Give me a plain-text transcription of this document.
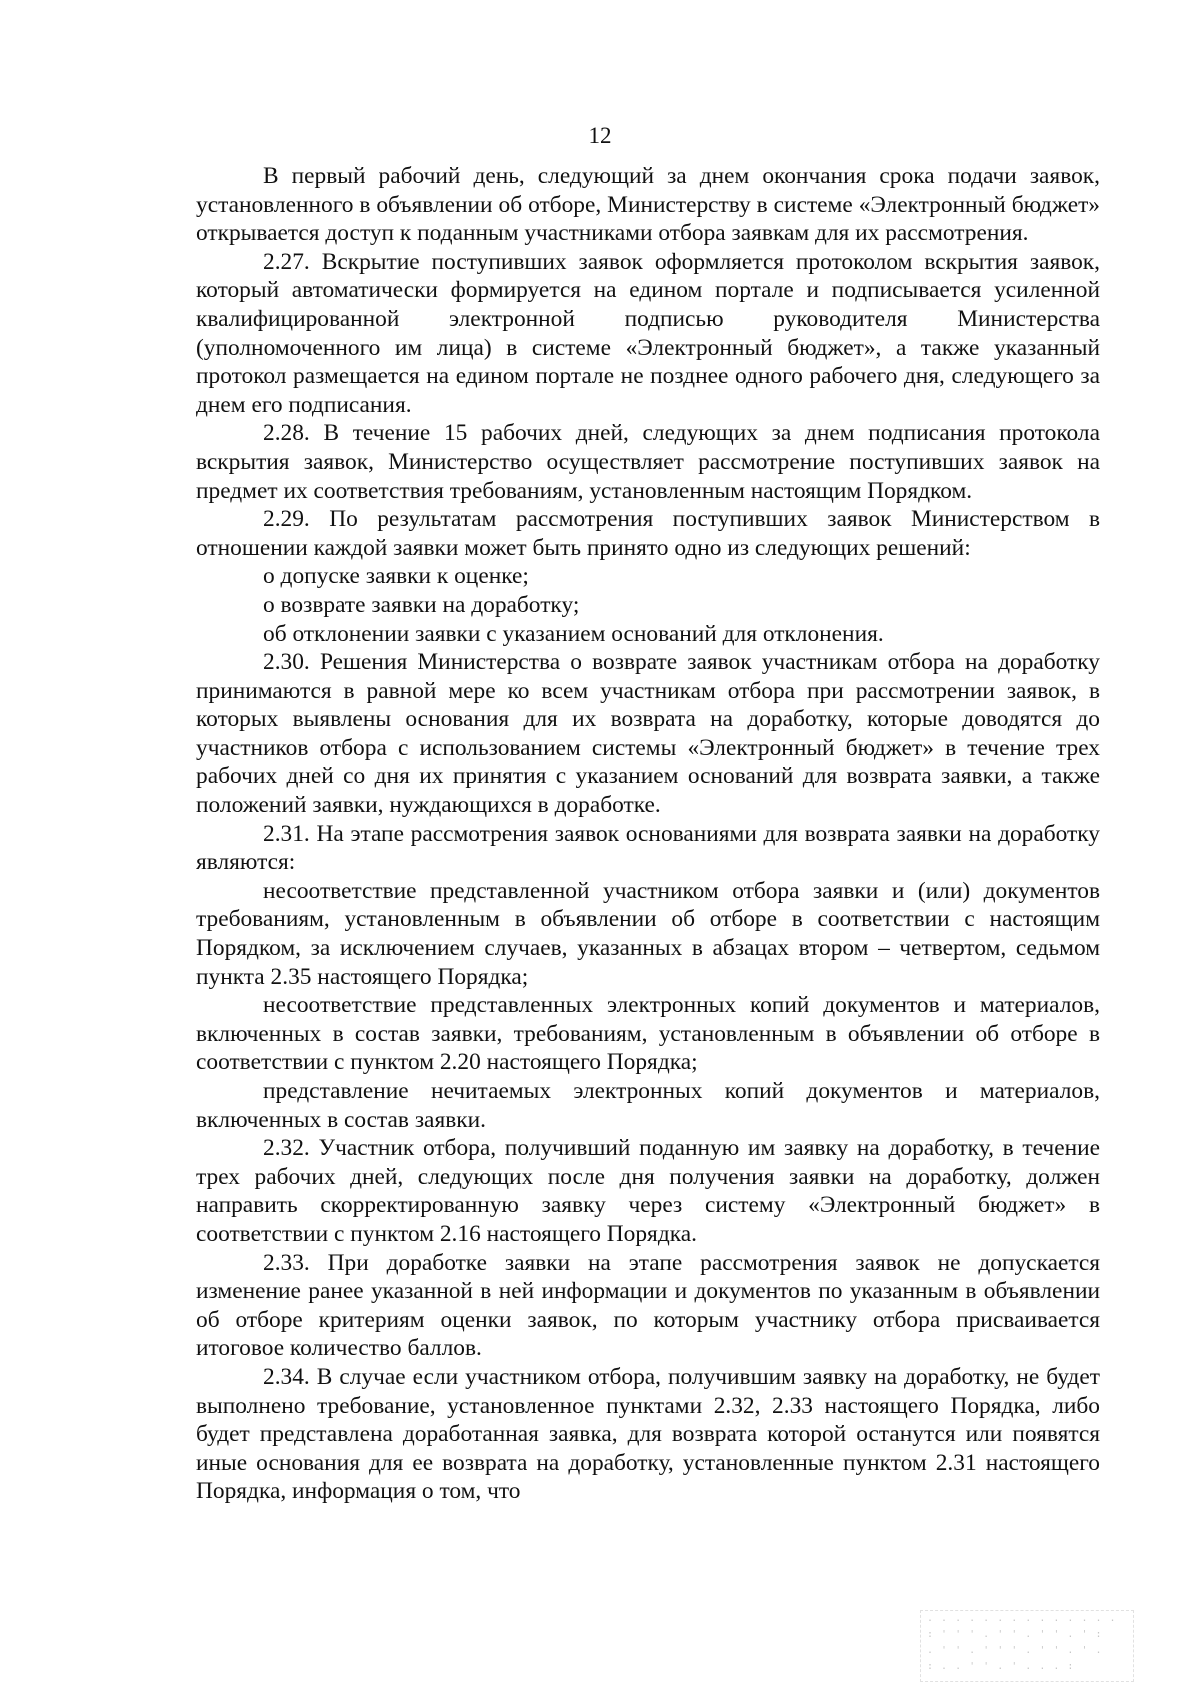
12

В первый рабочий день, следующий за днем окончания срока подачи заявок, установленного в объявлении об отборе, Министерству в системе «Электронный бюджет» открывается доступ к поданным участниками отбора заявкам для их рассмотрения.

2.27. Вскрытие поступивших заявок оформляется протоколом вскрытия заявок, который автоматически формируется на едином портале и подписывается усиленной квалифицированной электронной подписью руководителя Министерства (уполномоченного им лица) в системе «Электронный бюджет», а также указанный протокол размещается на едином портале не позднее одного рабочего дня, следующего за днем его подписания.

2.28. В течение 15 рабочих дней, следующих за днем подписания протокола вскрытия заявок, Министерство осуществляет рассмотрение поступивших заявок на предмет их соответствия требованиям, установленным настоящим Порядком.

2.29. По результатам рассмотрения поступивших заявок Министерством в отношении каждой заявки может быть принято одно из следующих решений:

о допуске заявки к оценке;

о возврате заявки на доработку;

об отклонении заявки с указанием оснований для отклонения.

2.30. Решения Министерства о возврате заявок участникам отбора на доработку принимаются в равной мере ко всем участникам отбора при рассмотрении заявок, в которых выявлены основания для их возврата на доработку, которые доводятся до участников отбора с использованием системы «Электронный бюджет» в течение трех рабочих дней со дня их принятия с указанием оснований для возврата заявки, а также положений заявки, нуждающихся в доработке.

2.31. На этапе рассмотрения заявок основаниями для возврата заявки на доработку являются:

несоответствие представленной участником отбора заявки и (или) документов требованиям, установленным в объявлении об отборе в соответствии с настоящим Порядком, за исключением случаев, указанных в абзацах втором – четвертом, седьмом пункта 2.35 настоящего Порядка;

несоответствие представленных электронных копий документов и материалов, включенных в состав заявки, требованиям, установленным в объявлении об отборе в соответствии с пунктом 2.20 настоящего Порядка;

представление нечитаемых электронных копий документов и материалов, включенных в состав заявки.

2.32. Участник отбора, получивший поданную им заявку на доработку, в течение трех рабочих дней, следующих после дня получения заявки на доработку, должен направить скорректированную заявку через систему «Электронный бюджет» в соответствии с пунктом 2.16 настоящего Порядка.

2.33. При доработке заявки на этапе рассмотрения заявок не допускается изменение ранее указанной в ней информации и документов по указанным в объявлении об отборе критериям оценки заявок, по которым участнику отбора присваивается итоговое количество баллов.

2.34. В случае если участником отбора, получившим заявку на доработку, не будет выполнено требование, установленное пунктами 2.32, 2.33 настоящего Порядка, либо будет представлена доработанная заявка, для возврата которой останутся или появятся иные основания для ее возврата на доработку, установленные пунктом 2.31 настоящего Порядка, информация о том, что

. . . . . . . . . . . . . .
: ' ' ' . ' ' . ' ' . ' :
. ' ' . ' ' ' . ' ' . ' .
: . . ' ' . ' . . . :
